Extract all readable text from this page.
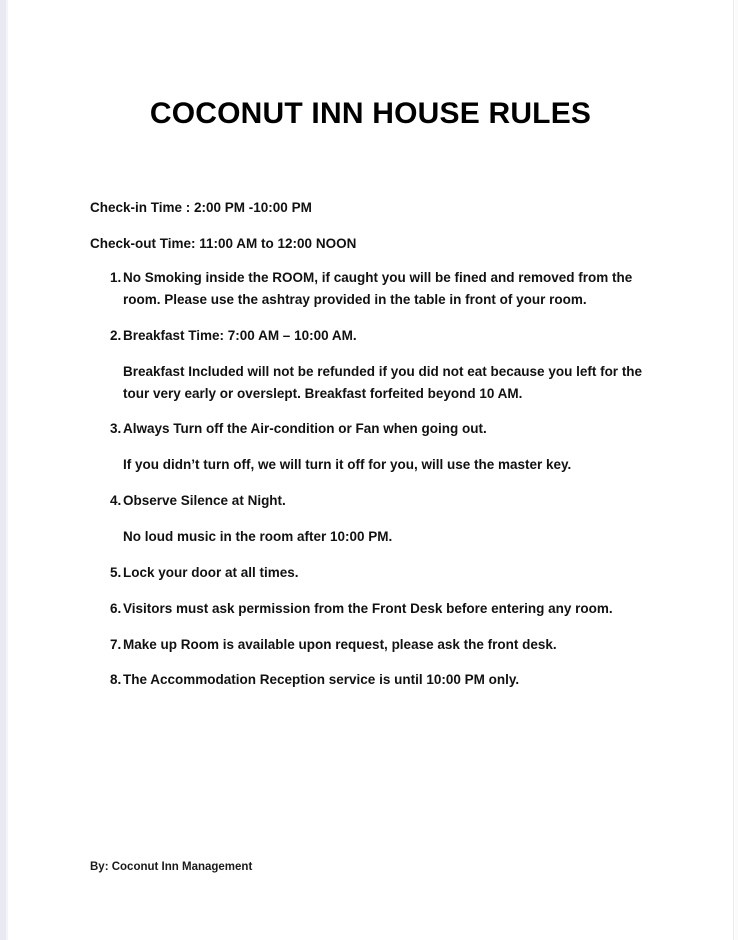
COCONUT INN HOUSE RULES

Check-in Time : 2:00 PM -10:00 PM

Check-out Time: 11:00 AM to 12:00 NOON

1. No Smoking inside the ROOM, if caught you will be fined and removed from the room. Please use the ashtray provided in the table in front of your room.

2. Breakfast Time: 7:00 AM – 10:00 AM.

Breakfast Included will not be refunded if you did not eat because you left for the tour very early or overslept. Breakfast forfeited beyond 10 AM.

3. Always Turn off the Air-condition or Fan when going out.

If you didn’t turn off, we will turn it off for you, will use the master key.

4. Observe Silence at Night.

No loud music in the room after 10:00 PM.

5. Lock your door at all times.

6. Visitors must ask permission from the Front Desk before entering any room.

7. Make up Room is available upon request, please ask the front desk.

8. The Accommodation Reception service is until 10:00 PM only.

By: Coconut Inn Management
